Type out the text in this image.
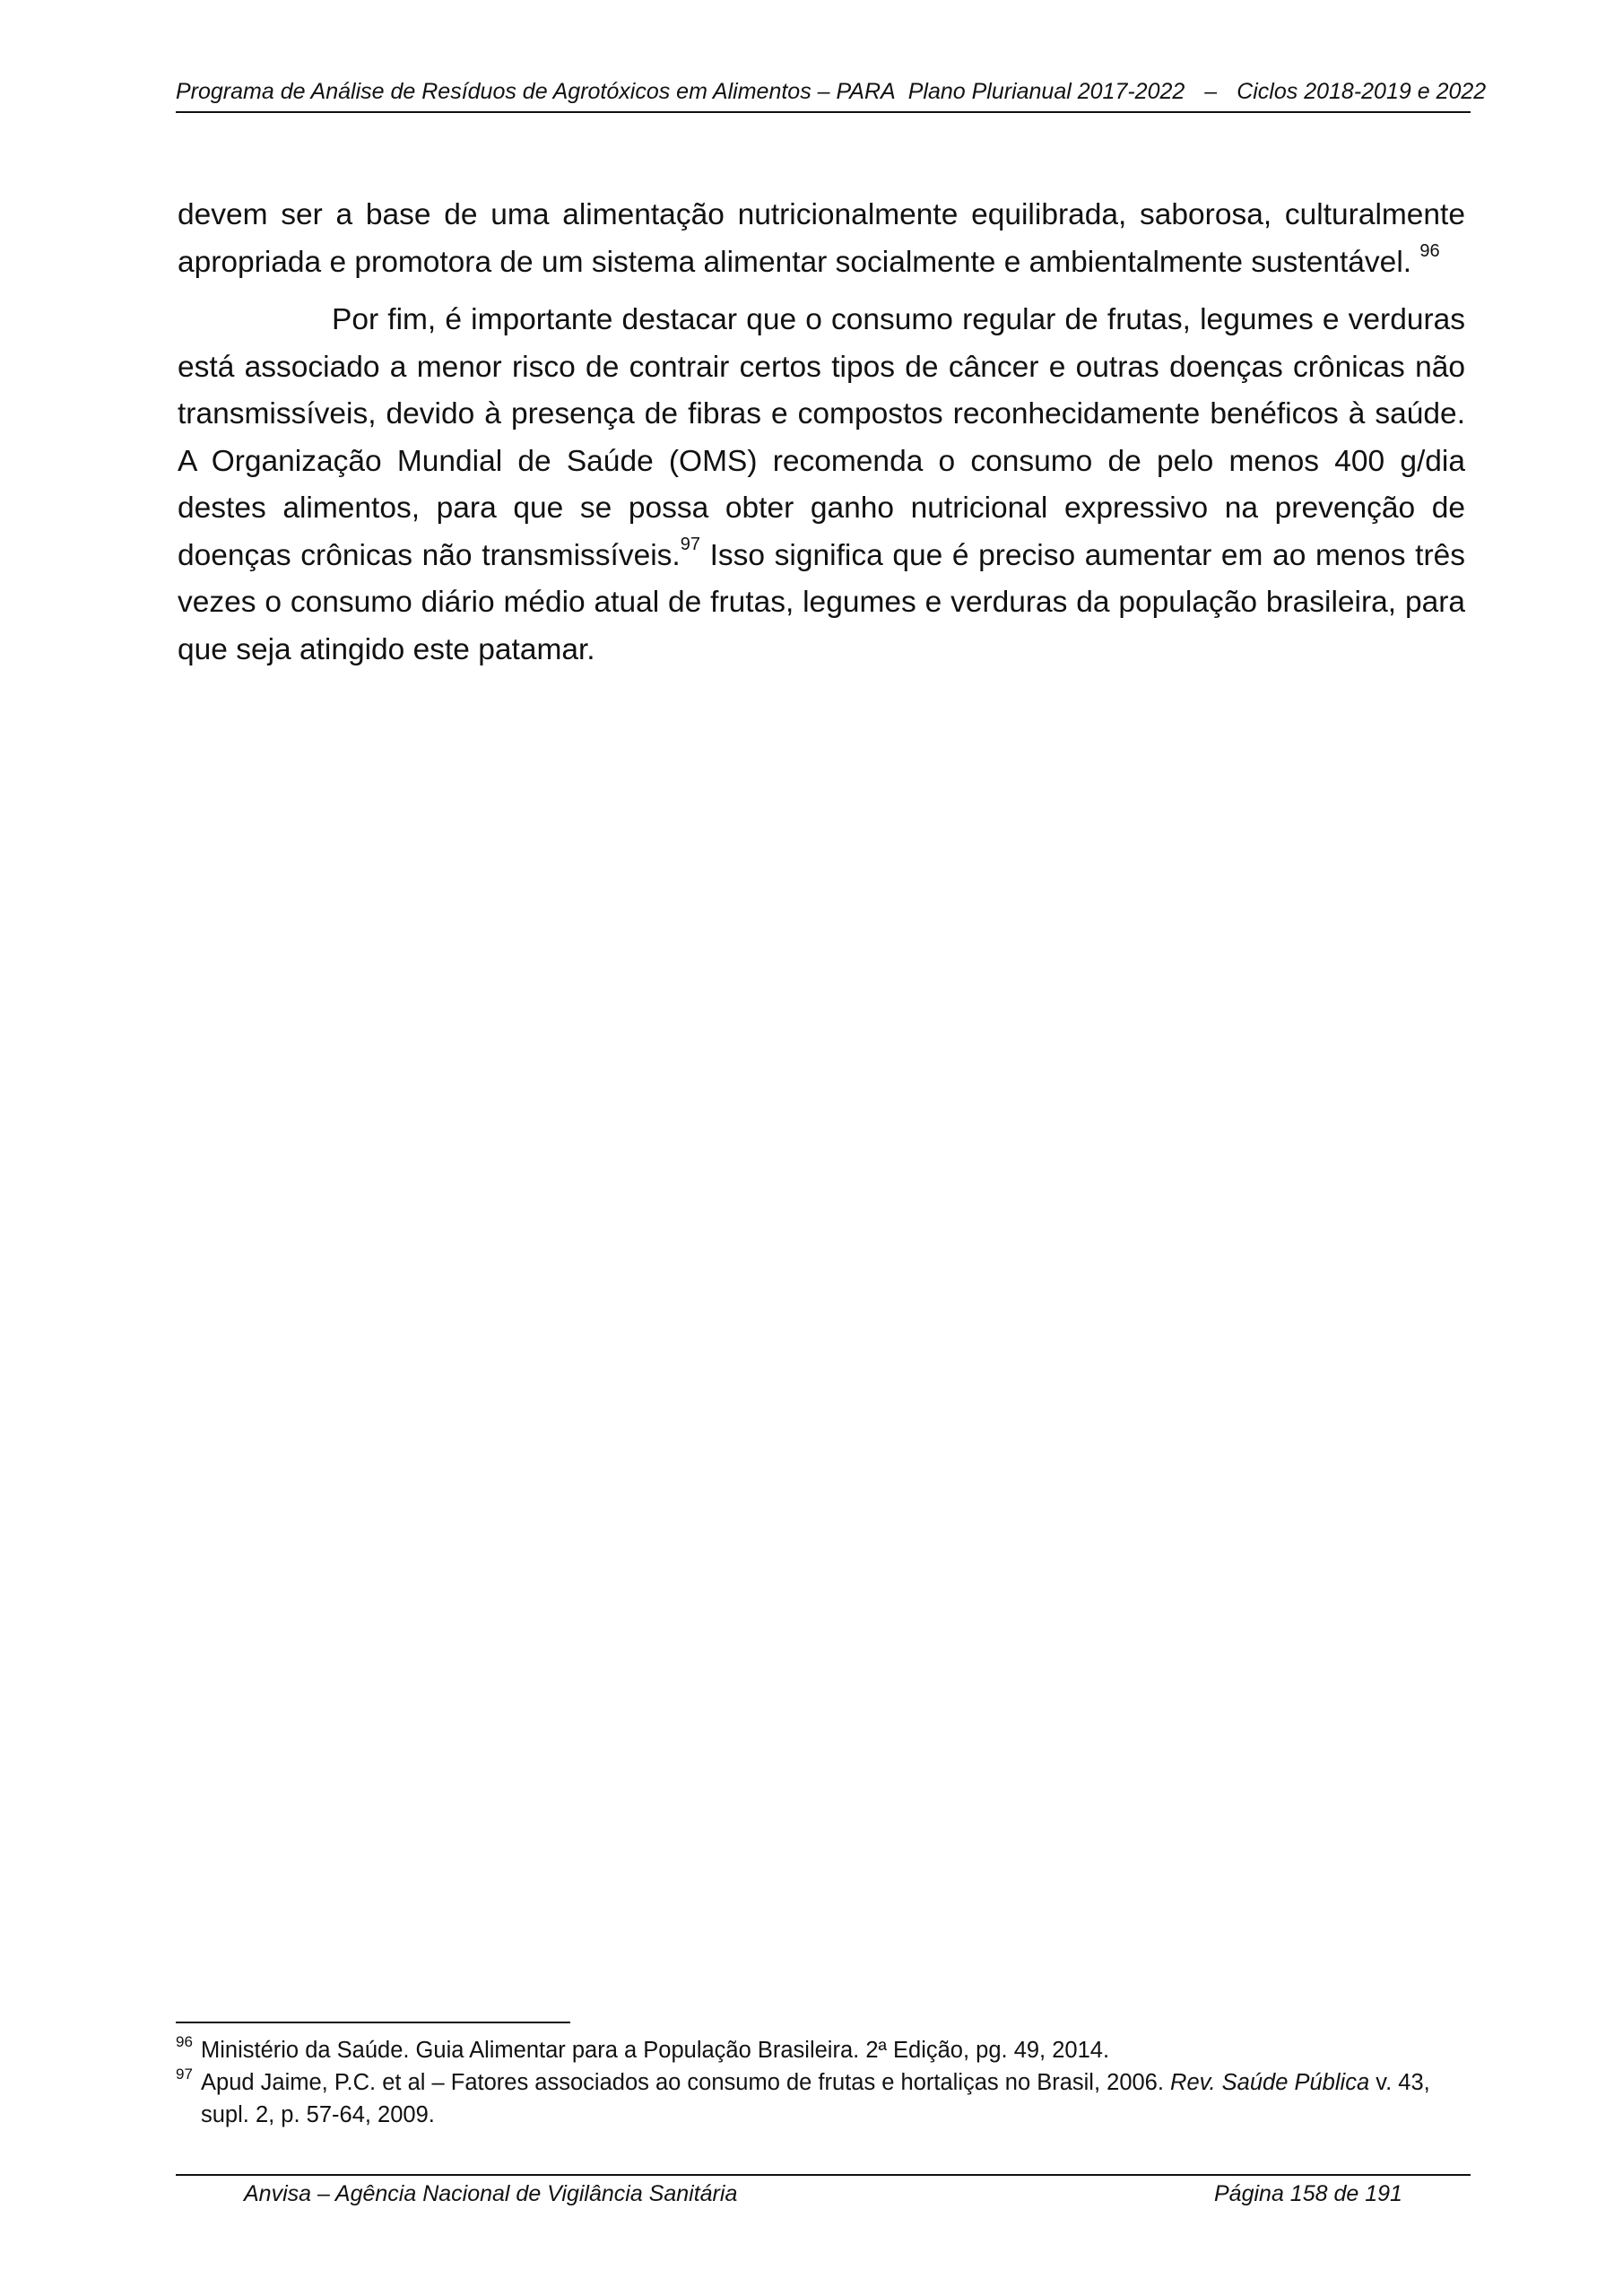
Programa de Análise de Resíduos de Agrotóxicos em Alimentos – PARA Plano Plurianual 2017-2022 – Ciclos 2018-2019 e 2022

devem ser a base de uma alimentação nutricionalmente equilibrada, saborosa, culturalmente apropriada e promotora de um sistema alimentar socialmente e ambientalmente sustentável. $^{96}$

Por fim, é importante destacar que o consumo regular de frutas, legumes e verduras está associado a menor risco de contrair certos tipos de câncer e outras doenças crônicas não transmissíveis, devido à presença de fibras e compostos reconhecidamente benéficos à saúde. A Organização Mundial de Saúde (OMS) recomenda o consumo de pelo menos 400 g/dia destes alimentos, para que se possa obter ganho nutricional expressivo na prevenção de doenças crônicas não transmissíveis.$^{97}$ Isso significa que é preciso aumentar em ao menos três vezes o consumo diário médio atual de frutas, legumes e verduras da população brasileira, para que seja atingido este patamar.

$^{96}$ Ministério da Saúde. Guia Alimentar para a População Brasileira. 2ª Edição, pg. 49, 2014.
$^{97}$ Apud Jaime, P.C. et al – Fatores associados ao consumo de frutas e hortaliças no Brasil, 2006. Rev. Saúde Pública v. 43, supl. 2, p. 57-64, 2009.
Anvisa – Agência Nacional de Vigilância Sanitária	Página 158 de 191
